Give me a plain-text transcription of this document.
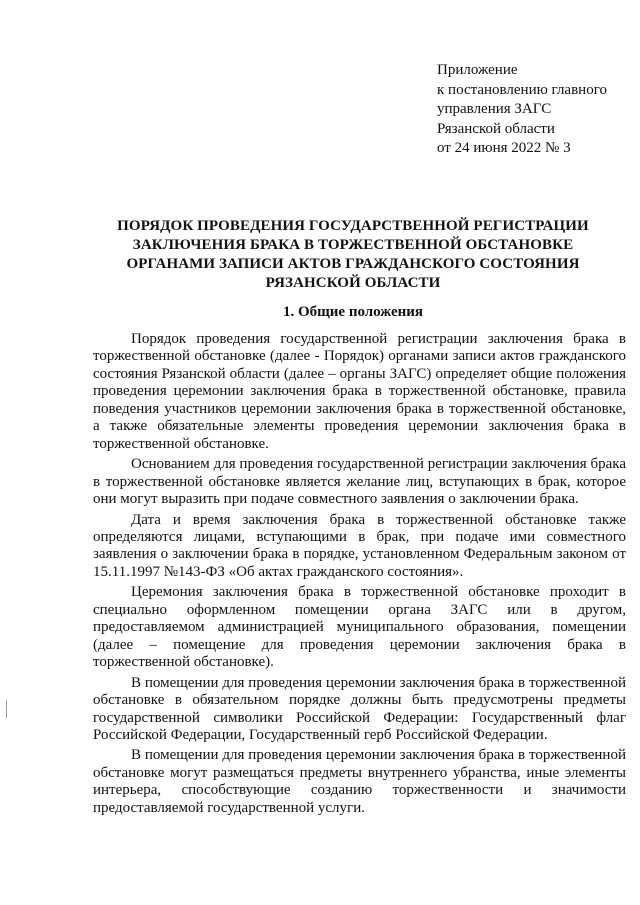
Приложение
к постановлению главного
управления ЗАГС
Рязанской области
от 24 июня 2022 № 3
ПОРЯДОК ПРОВЕДЕНИЯ ГОСУДАРСТВЕННОЙ РЕГИСТРАЦИИ
ЗАКЛЮЧЕНИЯ БРАКА В ТОРЖЕСТВЕННОЙ ОБСТАНОВКЕ
ОРГАНАМИ ЗАПИСИ АКТОВ ГРАЖДАНСКОГО СОСТОЯНИЯ
РЯЗАНСКОЙ ОБЛАСТИ
1. Общие положения

Порядок проведения государственной регистрации заключения брака в торжественной обстановке (далее - Порядок) органами записи актов гражданского состояния Рязанской области (далее – органы ЗАГС) определяет общие положения проведения церемонии заключения брака в торжественной обстановке, правила поведения участников церемонии заключения брака в торжественной обстановке, а также обязательные элементы проведения церемонии заключения брака в торжественной обстановке.

Основанием для проведения государственной регистрации заключения брака в торжественной обстановке является желание лиц, вступающих в брак, которое они могут выразить при подаче совместного заявления о заключении брака.

Дата и время заключения брака в торжественной обстановке также определяются лицами, вступающими в брак, при подаче ими совместного заявления о заключении брака в порядке, установленном Федеральным законом от 15.11.1997 №143-ФЗ «Об актах гражданского состояния».

Церемония заключения брака в торжественной обстановке проходит в специально оформленном помещении органа ЗАГС или в другом, предоставляемом администрацией муниципального образования, помещении (далее – помещение для проведения церемонии заключения брака в торжественной обстановке).

В помещении для проведения церемонии заключения брака в торжественной обстановке в обязательном порядке должны быть предусмотрены предметы государственной символики Российской Федерации: Государственный флаг Российской Федерации, Государственный герб Российской Федерации.

В помещении для проведения церемонии заключения брака в торжественной обстановке могут размещаться предметы внутреннего убранства, иные элементы интерьера, способствующие созданию торжественности и значимости предоставляемой государственной услуги.
